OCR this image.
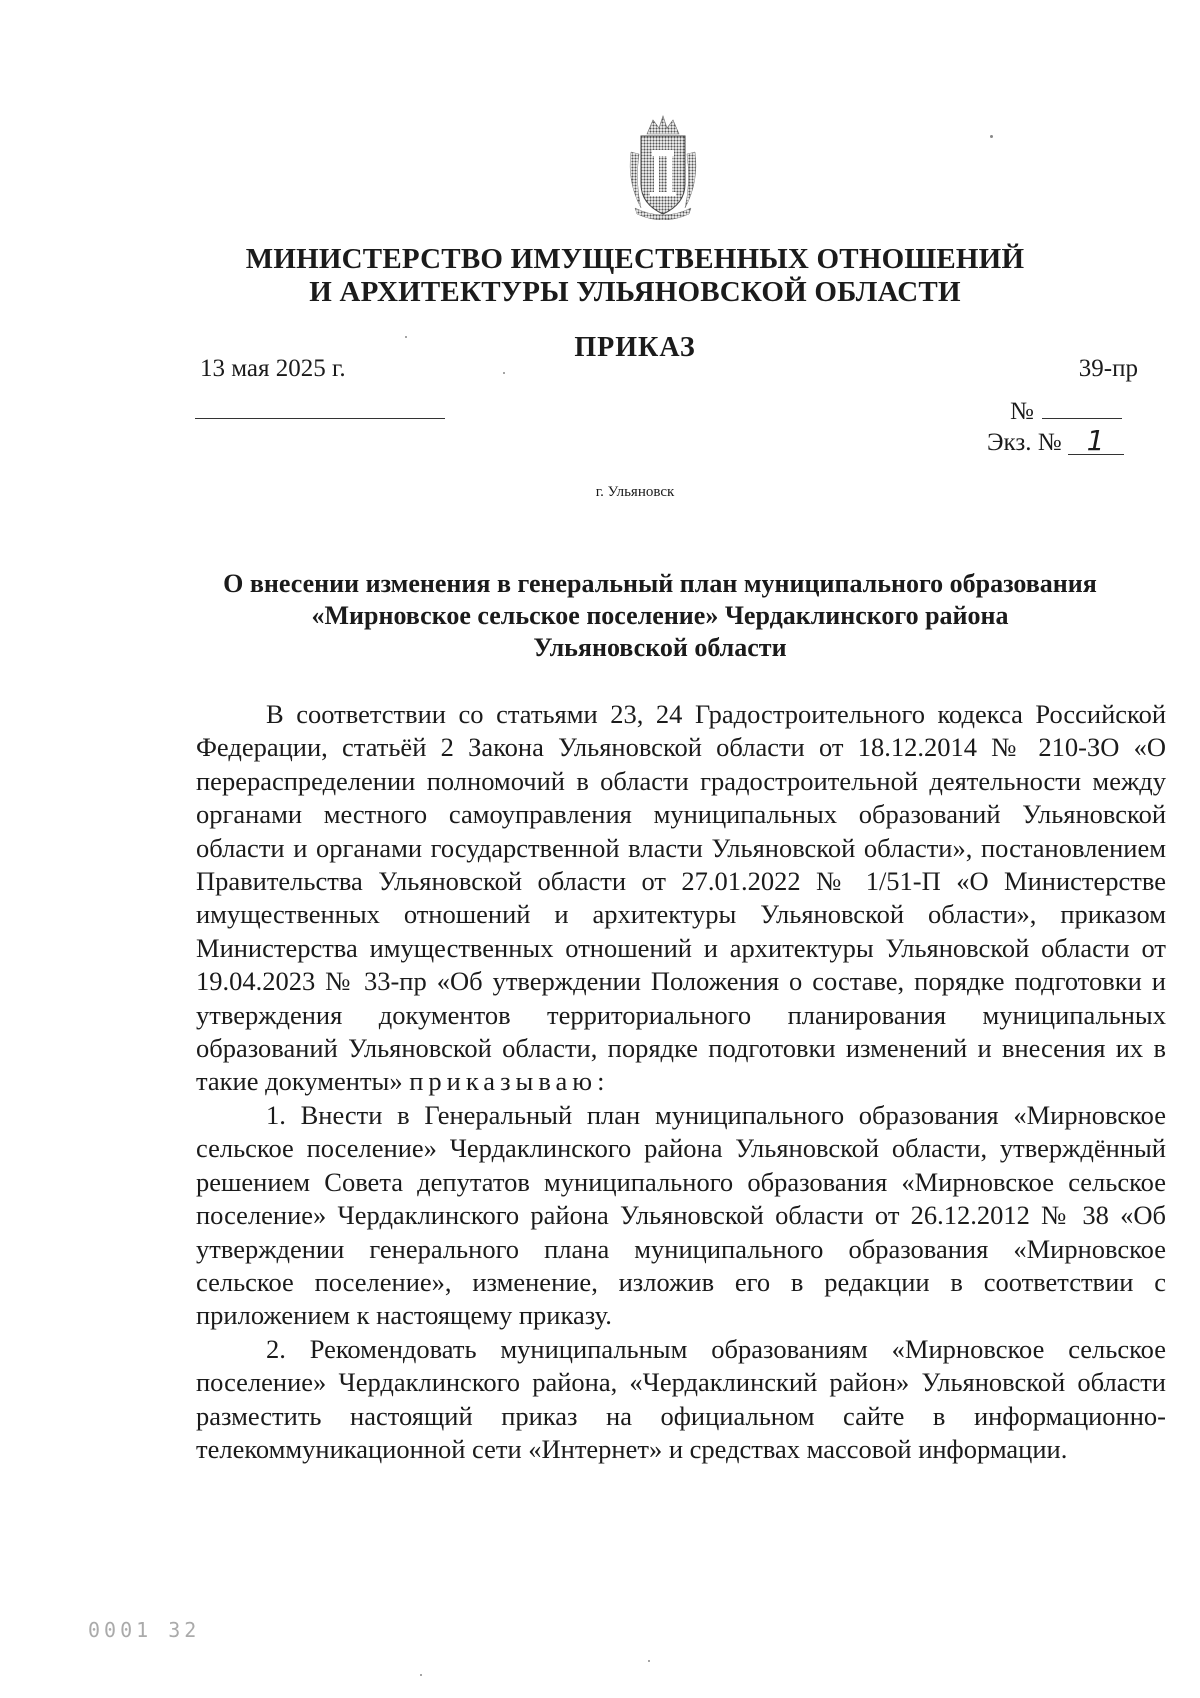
МИНИСТЕРСТВО ИМУЩЕСТВЕННЫХ ОТНОШЕНИЙ
И АРХИТЕКТУРЫ УЛЬЯНОВСКОЙ ОБЛАСТИ
ПРИКАЗ
13 мая 2025 г.	39-пр
№
Экз. № 1
г. Ульяновск
О внесении изменения в генеральный план муниципального образования
«Мирновское сельское поселение» Чердаклинского района
Ульяновской области

В соответствии со статьями 23, 24 Градостроительного кодекса Российской Федерации, статьёй 2 Закона Ульяновской области от 18.12.2014 № 210-ЗО «О перераспределении полномочий в области градостроительной деятельности между органами местного самоуправления муниципальных образований Ульяновской области и органами государственной власти Ульяновской области», постановлением Правительства Ульяновской области от 27.01.2022 № 1/51-П «О Министерстве имущественных отношений и архитектуры Ульяновской области», приказом Министерства имущественных отношений и архитектуры Ульяновской области от 19.04.2023 № 33-пр «Об утверждении Положения о составе, порядке подготовки и утверждения документов территориального планирования муниципальных образований Ульяновской области, порядке подготовки изменений и внесения их в такие документы» приказываю:

1. Внести в Генеральный план муниципального образования «Мирновское сельское поселение» Чердаклинского района Ульяновской области, утверждённый решением Совета депутатов муниципального образования «Мирновское сельское поселение» Чердаклинского района Ульяновской области от 26.12.2012 № 38 «Об утверждении генерального плана муниципального образования «Мирновское сельское поселение», изменение, изложив его в редакции в соответствии с приложением к настоящему приказу.

2. Рекомендовать муниципальным образованиям «Мирновское сельское поселение» Чердаклинского района, «Чердаклинский район» Ульяновской области разместить настоящий приказ на официальном сайте в информационно-телекоммуникационной сети «Интернет» и средствах массовой информации.

0001 32
